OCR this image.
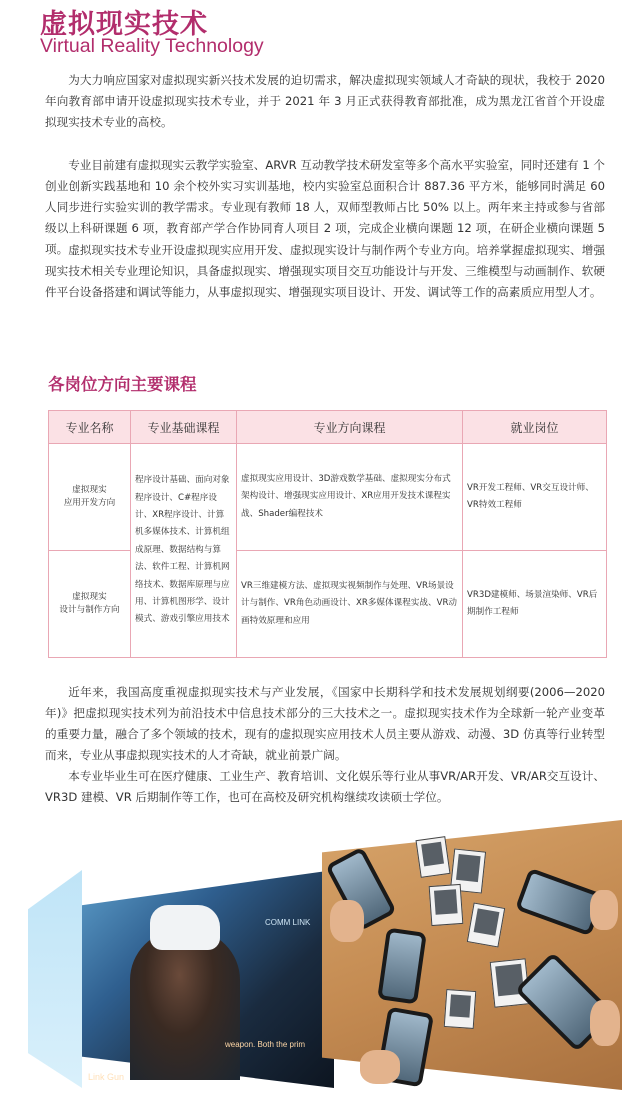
虚拟现实技术
Virtual Reality Technology

为大力响应国家对虚拟现实新兴技术发展的迫切需求，解决虚拟现实领域人才奇缺的现状，我校于 2020 年向教育部申请开设虚拟现实技术专业，并于 2021 年 3 月正式获得教育部批准，成为黑龙江省首个开设虚拟现实技术专业的高校。

专业目前建有虚拟现实云教学实验室、ARVR 互动教学技术研发室等多个高水平实验室，同时还建有 1 个创业创新实践基地和 10 余个校外实习实训基地，校内实验室总面积合计 887.36 平方米，能够同时满足 60 人同步进行实验实训的教学需求。专业现有教师 18 人，双师型教师占比 50% 以上。两年来主持或参与省部级以上科研课题 6 项，教育部产学合作协同育人项目 2 项，完成企业横向课题 12 项，在研企业横向课题 5 项。 虚拟现实技术专业开设虚拟现实应用开发、虚拟现实设计与制作两个专业方向。培养掌握虚拟现实、增强现实技术相关专业理论知识，具备虚拟现实、增强现实项目交互功能设计与开发、三维模型与动画制作、软硬件平台设备搭建和调试等能力，从事虚拟现实、增强现实项目设计、开发、调试等工作的高素质应用型人才。

各岗位方向主要课程
专业名称	专业基础课程	专业方向课程	就业岗位
虚拟现实
应用开发方向	程序设计基础、面向对象程序设计、C#程序设计、XR程序设计、计算机多媒体技术、计算机组成原理、数据结构与算法、软件工程、计算机网络技术、数据库原理与应用、计算机图形学、设计模式、游戏引擎应用技术	虚拟现实应用设计、3D游戏数学基础、虚拟现实分布式架构设计、增强现实应用设计、XR应用开发技术课程实战、Shader编程技术	VR开发工程师、VR交互设计师、VR特效工程师
虚拟现实
设计与制作方向		VR三维建模方法、虚拟现实视频制作与处理、VR场景设计与制作、VR角色动画设计、XR多媒体课程实战、VR动画特效原理和应用	VR3D建模师、场景渲染师、VR后期制作工程师

近年来，我国高度重视虚拟现实技术与产业发展，《国家中长期科学和技术发展规划纲要(2006—2020年)》把虚拟现实技术列为前沿技术中信息技术部分的三大技术之一。虚拟现实技术作为全球新一轮产业变革的重要力量，融合了多个领域的技术，现有的虚拟现实应用技术人员主要从游戏、动漫、3D 仿真等行业转型而来，专业从事虚拟现实技术的人才奇缺，就业前景广阔。

本专业毕业生可在医疗健康、工业生产、教育培训、文化娱乐等行业从事VR/AR开发、VR/AR交互设计、VR3D 建模、VR 后期制作等工作，也可在高校及研究机构继续攻读硕士学位。

COMM LINK
weapon. Both the prim
Link Gun
